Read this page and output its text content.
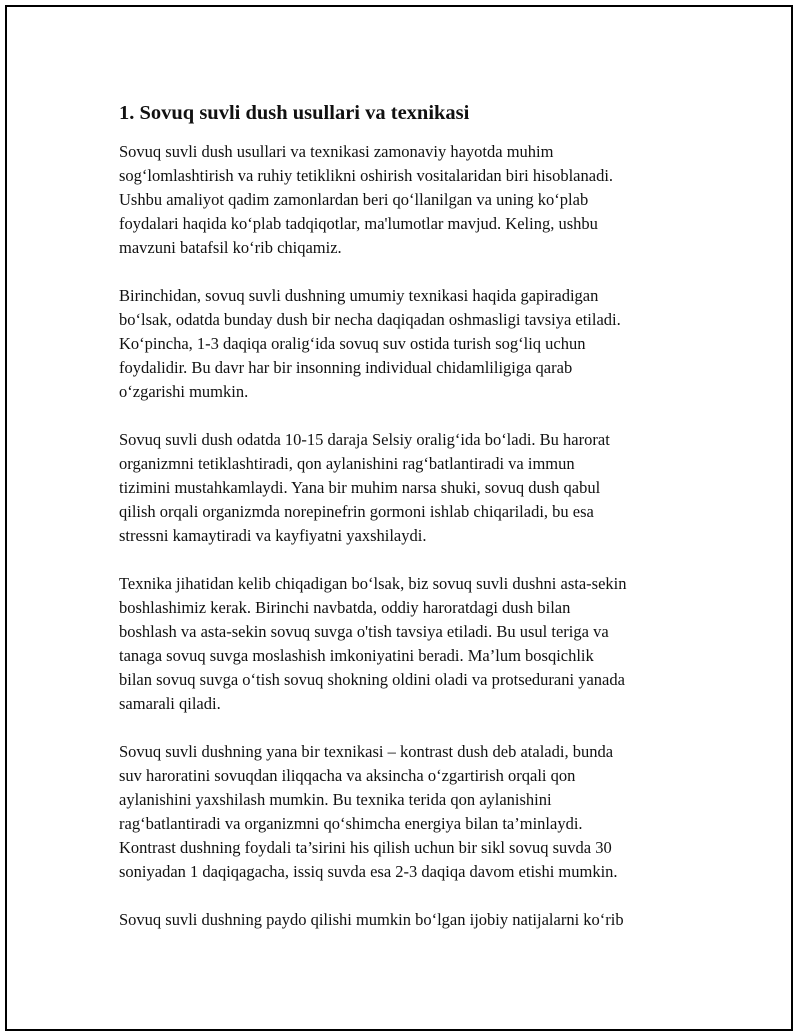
1. Sovuq suvli dush usullari va texnikasi

Sovuq suvli dush usullari va texnikasi zamonaviy hayotda muhim
sog‘lomlashtirish va ruhiy tetiklikni oshirish vositalaridan biri hisoblanadi.
Ushbu amaliyot qadim zamonlardan beri qo‘llanilgan va uning ko‘plab
foydalari haqida ko‘plab tadqiqotlar, ma'lumotlar mavjud. Keling, ushbu
mavzuni batafsil ko‘rib chiqamiz.

Birinchidan, sovuq suvli dushning umumiy texnikasi haqida gapiradigan
bo‘lsak, odatda bunday dush bir necha daqiqadan oshmasligi tavsiya etiladi.
Ko‘pincha, 1-3 daqiqa oralig‘ida sovuq suv ostida turish sog‘liq uchun
foydalidir. Bu davr har bir insonning individual chidamliligiga qarab
o‘zgarishi mumkin.

Sovuq suvli dush odatda 10-15 daraja Selsiy oralig‘ida bo‘ladi. Bu harorat
organizmni tetiklashtiradi, qon aylanishini rag‘batlantiradi va immun
tizimini mustahkamlaydi. Yana bir muhim narsa shuki, sovuq dush qabul
qilish orqali organizmda norepinefrin gormoni ishlab chiqariladi, bu esa
stressni kamaytiradi va kayfiyatni yaxshilaydi.

Texnika jihatidan kelib chiqadigan bo‘lsak, biz sovuq suvli dushni asta-sekin
boshlashimiz kerak. Birinchi navbatda, oddiy haroratdagi dush bilan
boshlash va asta-sekin sovuq suvga o'tish tavsiya etiladi. Bu usul teriga va
tanaga sovuq suvga moslashish imkoniyatini beradi. Ma’lum bosqichlik
bilan sovuq suvga o‘tish sovuq shokning oldini oladi va protsedurani yanada
samarali qiladi.

Sovuq suvli dushning yana bir texnikasi – kontrast dush deb ataladi, bunda
suv haroratini sovuqdan iliqqacha va aksincha o‘zgartirish orqali qon
aylanishini yaxshilash mumkin. Bu texnika terida qon aylanishini
rag‘batlantiradi va organizmni qo‘shimcha energiya bilan ta’minlaydi.
Kontrast dushning foydali ta’sirini his qilish uchun bir sikl sovuq suvda 30
soniyadan 1 daqiqagacha, issiq suvda esa 2-3 daqiqa davom etishi mumkin.

Sovuq suvli dushning paydo qilishi mumkin bo‘lgan ijobiy natijalarni ko‘rib
